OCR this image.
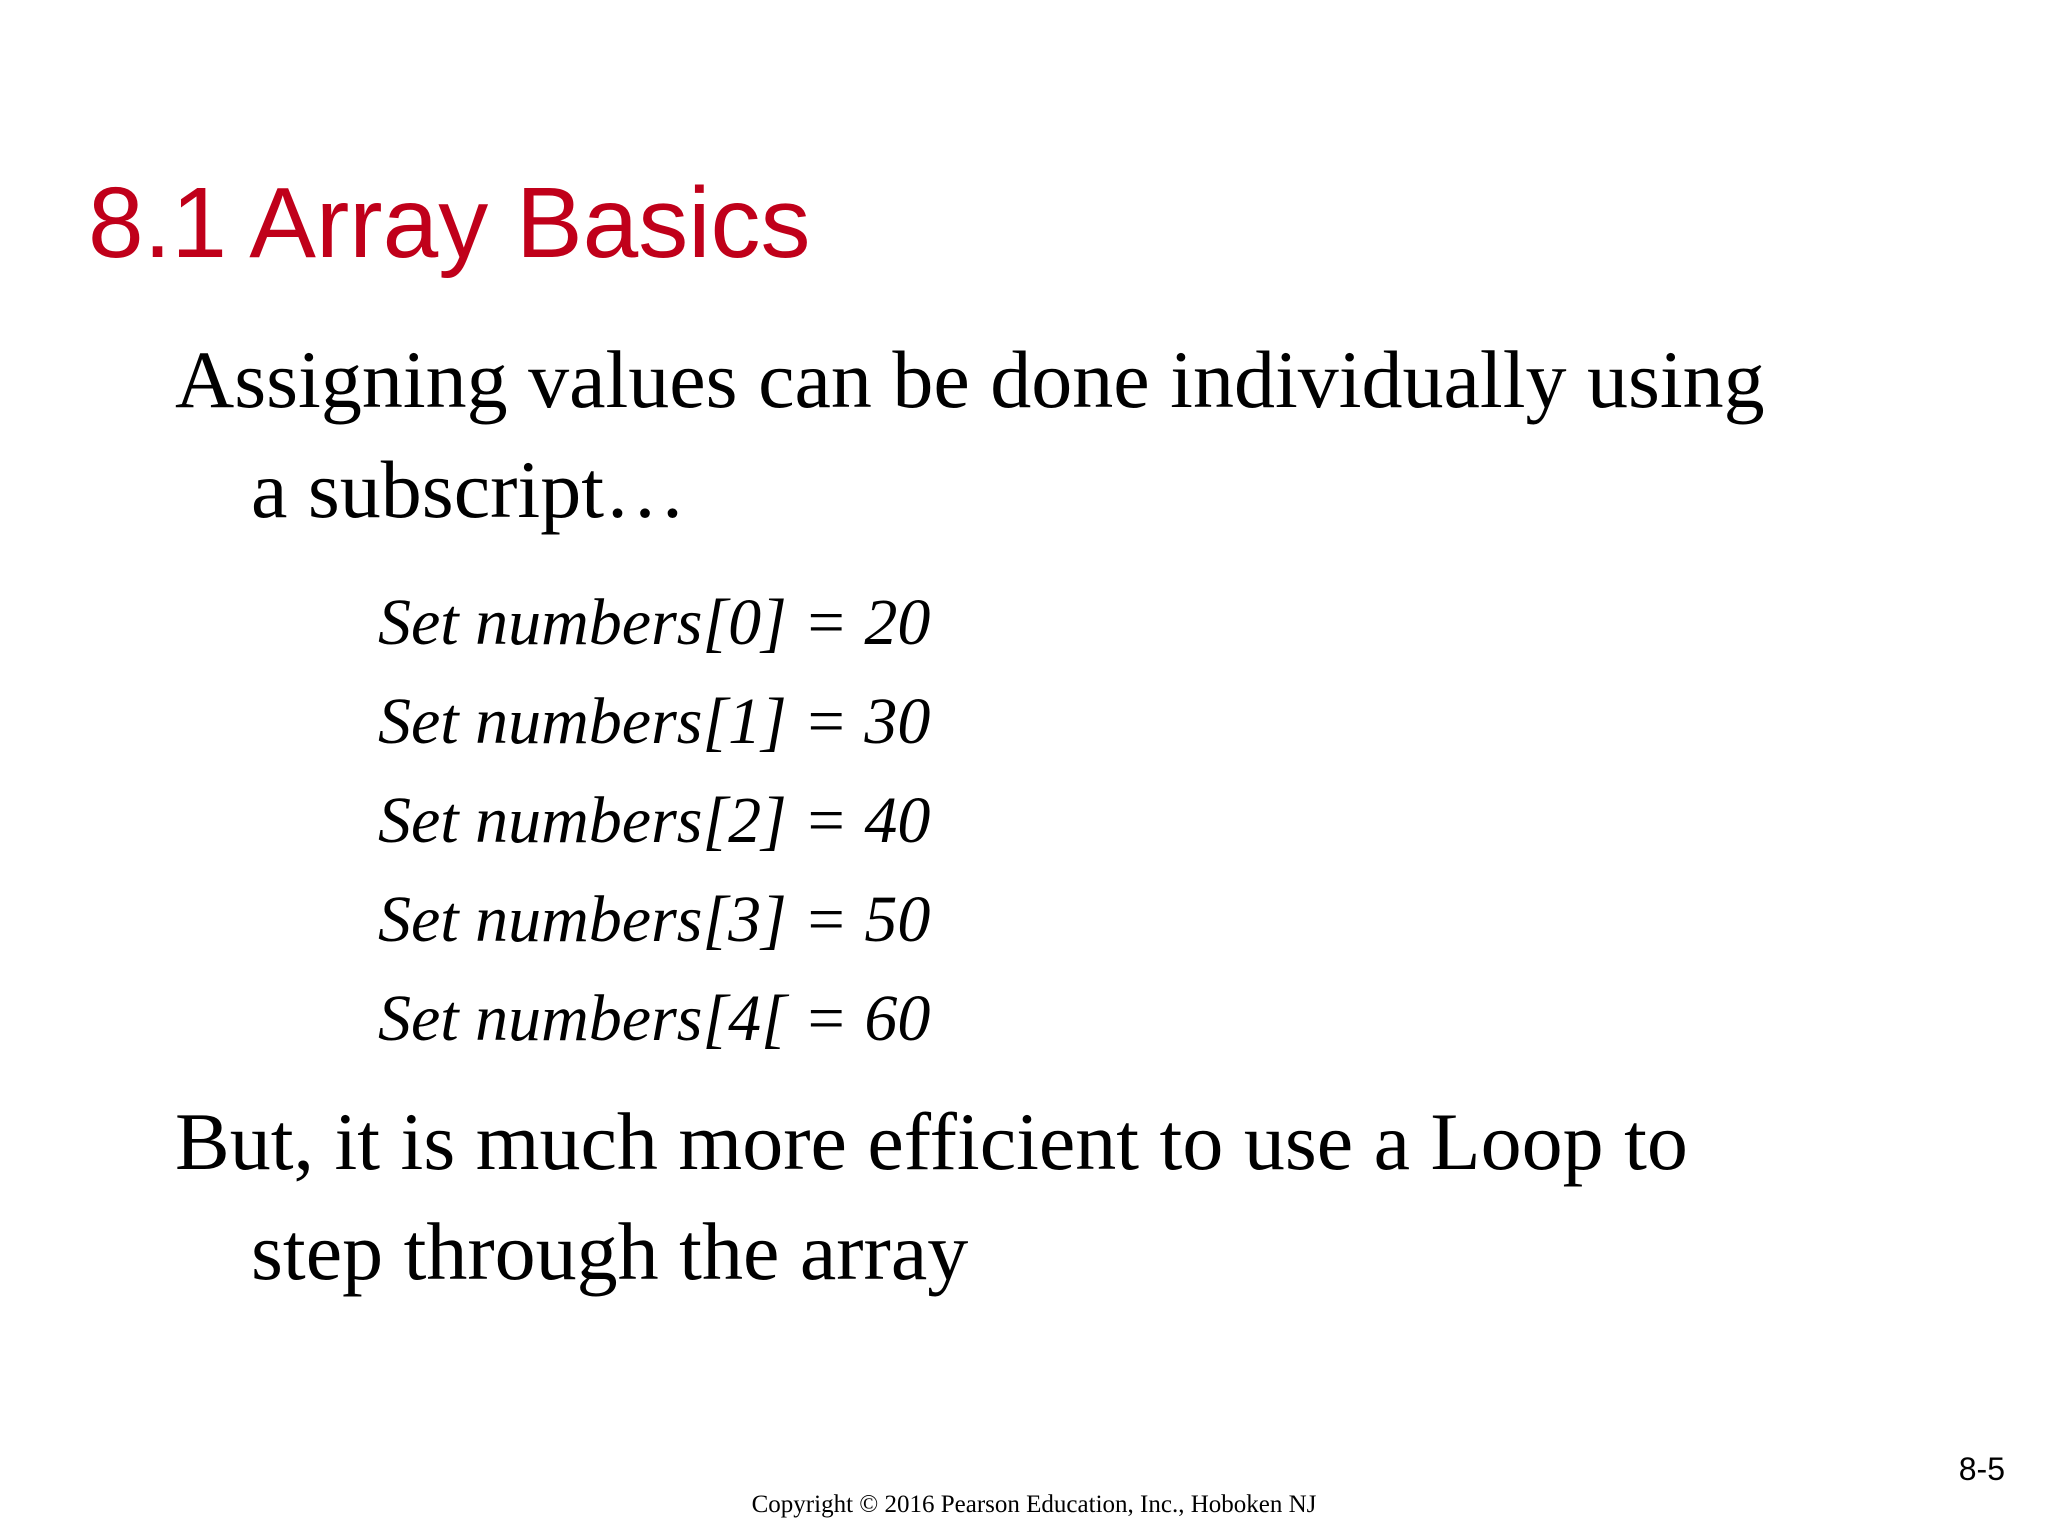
8.1 Array Basics

Assigning values can be done individually using
a subscript…

Set numbers[0] = 20
Set numbers[1] = 30
Set numbers[2] = 40
Set numbers[3] = 50
Set numbers[4[ = 60

But, it is much more efficient to use a Loop to
step through the array

8-5
Copyright © 2016 Pearson Education, Inc., Hoboken NJ
